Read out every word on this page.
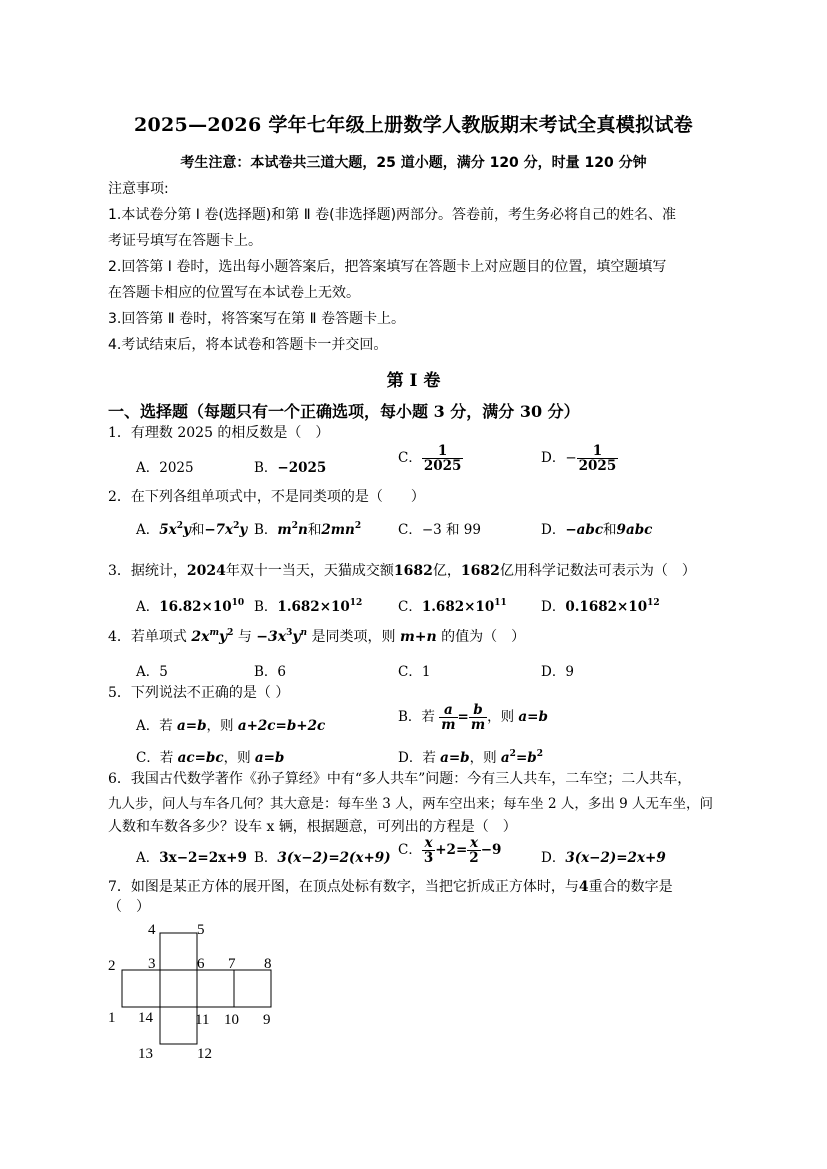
2025—2026 学年七年级上册数学人教版期末考试全真模拟试卷
考生注意：本试卷共三道大题，25 道小题，满分 120 分，时量 120 分钟
注意事项:
1.本试卷分第 Ⅰ 卷(选择题)和第 Ⅱ 卷(非选择题)两部分。答卷前，考生务必将自己的姓名、准
考证号填写在答题卡上。
2.回答第 Ⅰ 卷时，选出每小题答案后，把答案填写在答题卡上对应题目的位置，填空题填写
在答题卡相应的位置写在本试卷上无效。
3.回答第 Ⅱ 卷时，将答案写在第 Ⅱ 卷答题卡上。
4.考试结束后，将本试卷和答题卡一并交回。
第 I 卷
一、选择题（每题只有一个正确选项，每小题 3 分，满分 30 分）
1．有理数 2025 的相反数是（　）
A．2025	B．−2025
C． $\frac{1}{2025}$	D．− $\frac{1}{2025}$
2．在下列各组单项式中，不是同类项的是（　　）
A．$5x^2y$和$-7x^2y$ B．$m^2n$和$2mn^2$	C．−3 和 99	D．−abc和9abc
3．据统计，2024年双十一当天，天猫成交额1682亿，1682亿用科学记数法可表示为（　）
A．$16.82\times 10^{10}$ B．$1.682\times 10^{12}$	C．$1.682\times 10^{11}$	D．$0.1682\times 10^{12}$
4．若单项式 $2x^my^2$ 与 $-3x^3y^n$ 是同类项，则 m+n 的值为（　）
A．5	B．6	C．1	D．9
5．下列说法不正确的是（ ）
A．若 a=b，则 a+2c=b+2c
B．若 $\frac{a}{m} = \frac{b}{m}$ ，则 a=b
C．若 ac=bc，则 a=b	D．若 a=b，则 $a^2=b^2$
6．我国古代数学著作《孙子算经》中有“多人共车”问题：今有三人共车，二车空；二人共车，
九人步，问人与车各几何？其大意是：每车坐 3 人，两车空出来；每车坐 2 人，多出 9 人无车坐，问
人数和车数各多少？设车 x 辆，根据题意，可列出的方程是（　）
A．3x−2=2x+9 B．3(x−2)=2(x+9) C． $\frac{x}{3} +2= \frac{x}{2} -9$	D．3(x−2)=2x+9
7．如图是某正方体的展开图，在顶点处标有数字，当把它折成正方体时，与4重合的数字是
（　）
4	5
2 3	6 7 8
1 14	11 10 9
13	12
